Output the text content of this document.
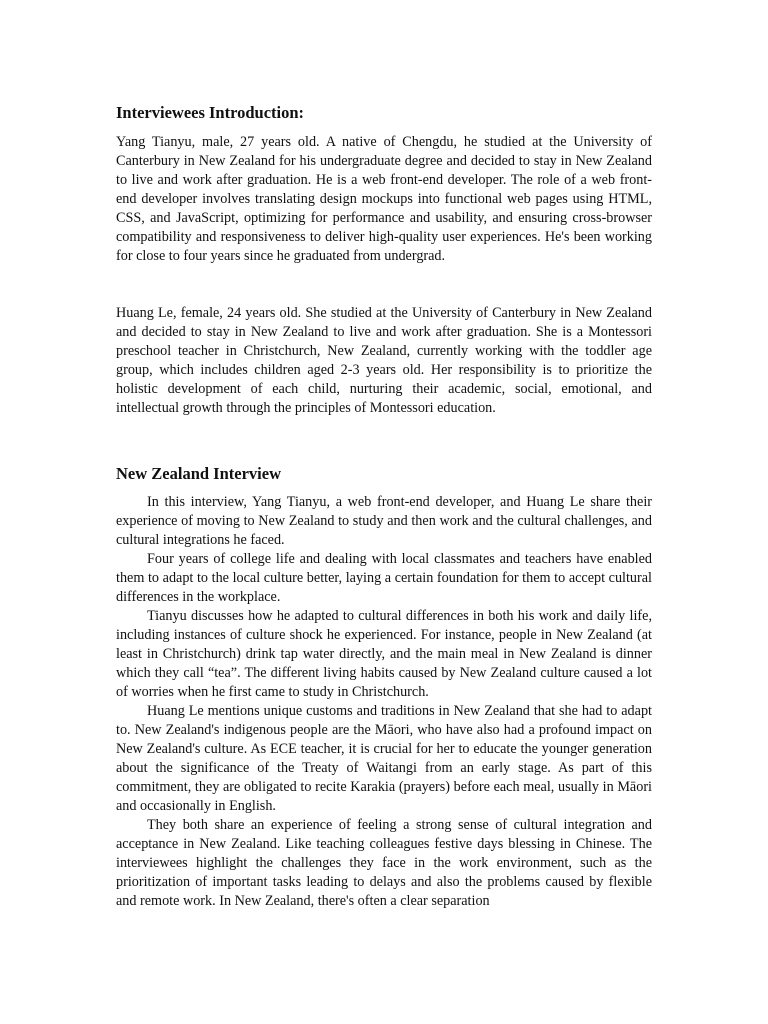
Interviewees Introduction:

Yang Tianyu, male, 27 years old. A native of Chengdu, he studied at the University of Canterbury in New Zealand for his undergraduate degree and decided to stay in New Zealand to live and work after graduation. He is a web front-end developer. The role of a web front-end developer involves translating design mockups into functional web pages using HTML, CSS, and JavaScript, optimizing for performance and usability, and ensuring cross-browser compatibility and responsiveness to deliver high-quality user experiences. He's been working for close to four years since he graduated from undergrad.

Huang Le, female, 24 years old. She studied at the University of Canterbury in New Zealand and decided to stay in New Zealand to live and work after graduation. She is a Montessori preschool teacher in Christchurch, New Zealand, currently working with the toddler age group, which includes children aged 2-3 years old. Her responsibility is to prioritize the holistic development of each child, nurturing their academic, social, emotional, and intellectual growth through the principles of Montessori education.

New Zealand Interview

In this interview, Yang Tianyu, a web front-end developer, and Huang Le share their experience of moving to New Zealand to study and then work and the cultural challenges, and cultural integrations he faced.

Four years of college life and dealing with local classmates and teachers have enabled them to adapt to the local culture better, laying a certain foundation for them to accept cultural differences in the workplace.

Tianyu discusses how he adapted to cultural differences in both his work and daily life, including instances of culture shock he experienced. For instance, people in New Zealand (at least in Christchurch) drink tap water directly, and the main meal in New Zealand is dinner which they call “tea”. The different living habits caused by New Zealand culture caused a lot of worries when he first came to study in Christchurch.

Huang Le mentions unique customs and traditions in New Zealand that she had to adapt to. New Zealand's indigenous people are the Māori, who have also had a profound impact on New Zealand's culture. As ECE teacher, it is crucial for her to educate the younger generation about the significance of the Treaty of Waitangi from an early stage. As part of this commitment, they are obligated to recite Karakia (prayers) before each meal, usually in Māori and occasionally in English.

They both share an experience of feeling a strong sense of cultural integration and acceptance in New Zealand. Like teaching colleagues festive days blessing in Chinese. The interviewees highlight the challenges they face in the work environment, such as the prioritization of important tasks leading to delays and also the problems caused by flexible and remote work. In New Zealand, there's often a clear separation
